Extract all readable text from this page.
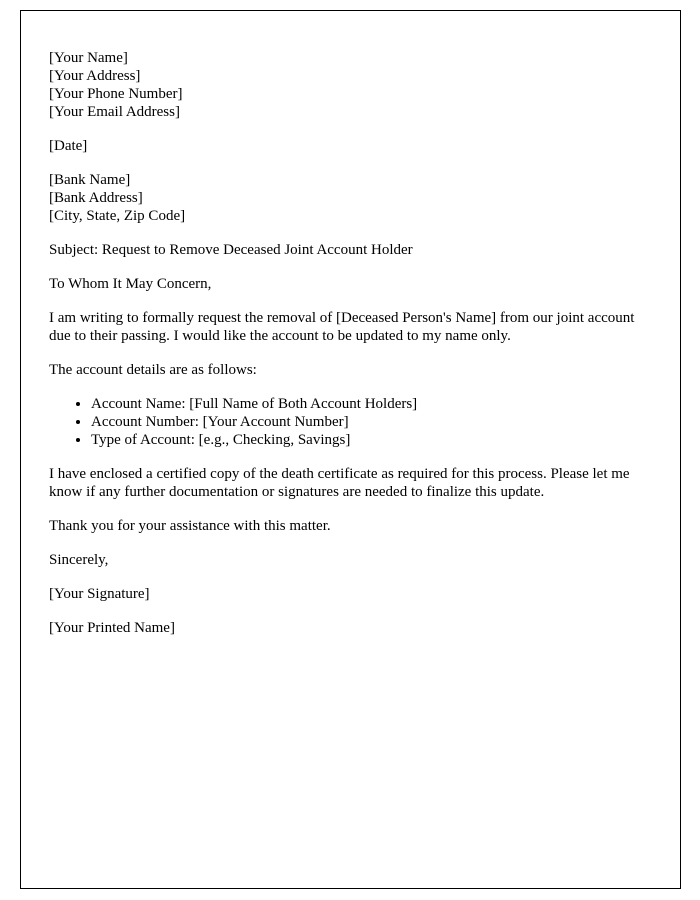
[Your Name]
[Your Address]
[Your Phone Number]
[Your Email Address]
[Date]
[Bank Name]
[Bank Address]
[City, State, Zip Code]

Subject: Request to Remove Deceased Joint Account Holder

To Whom It May Concern,

I am writing to formally request the removal of [Deceased Person's Name] from our joint account due to their passing. I would like the account to be updated to my name only.

The account details are as follows:

• Account Name: [Full Name of Both Account Holders]
• Account Number: [Your Account Number]
• Type of Account: [e.g., Checking, Savings]

I have enclosed a certified copy of the death certificate as required for this process. Please let me know if any further documentation or signatures are needed to finalize this update.

Thank you for your assistance with this matter.

Sincerely,

[Your Signature]

[Your Printed Name]
